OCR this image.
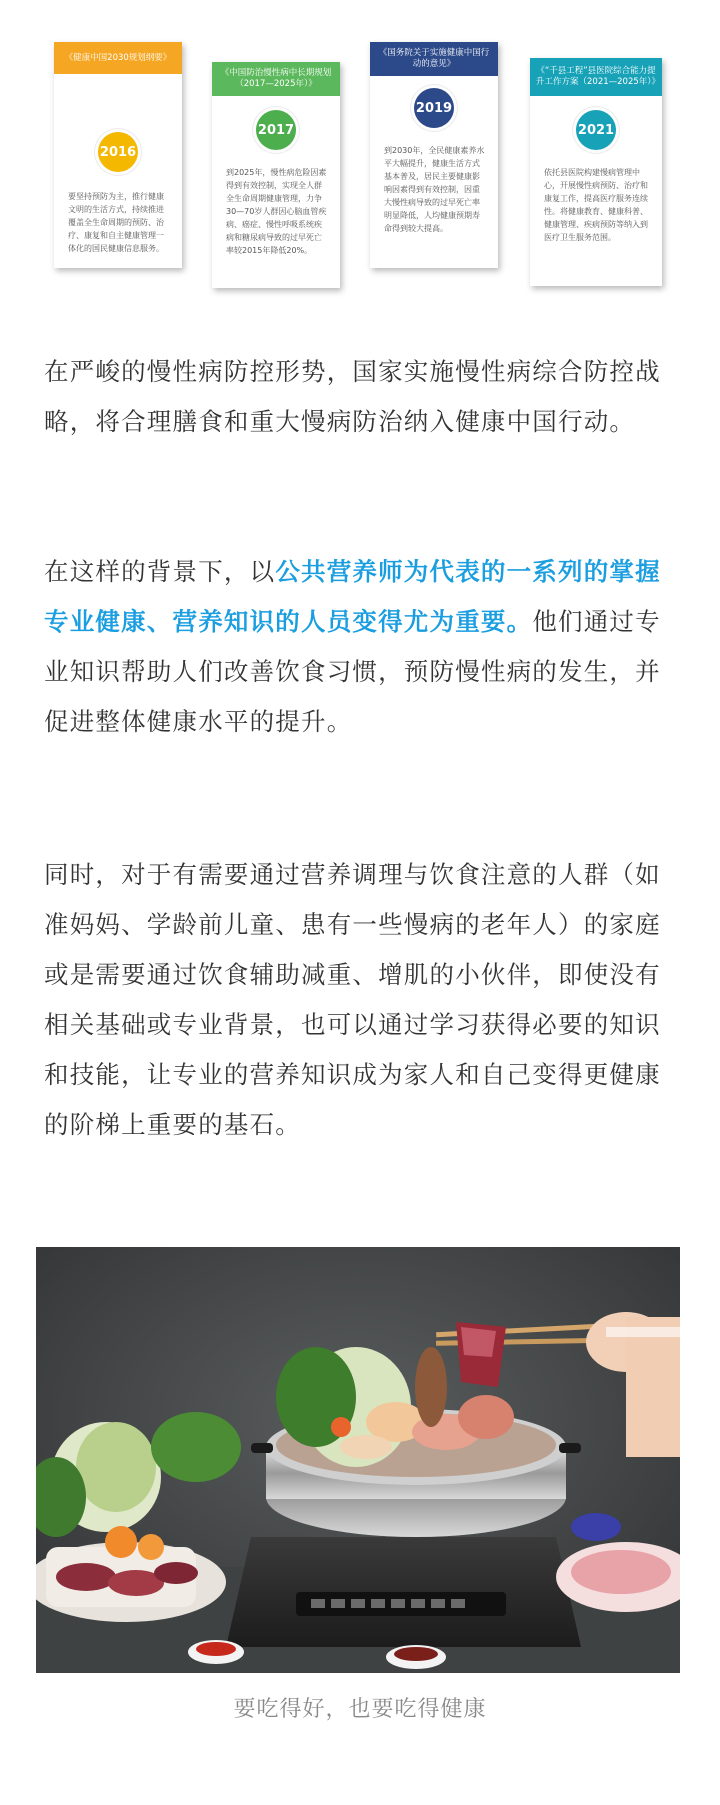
《健康中国2030规划纲要》
2016
要坚持预防为主，推行健康文明的生活方式，持续推进覆盖全生命周期的预防、治疗、康复和自主健康管理一体化的国民健康信息服务。
《中国防治慢性病中长期规划（2017—2025年）》
2017
到2025年，慢性病危险因素得到有效控制，实现全人群全生命周期健康管理，力争30—70岁人群因心脑血管疾病、癌症、慢性呼吸系统疾病和糖尿病导致的过早死亡率较2015年降低20%。
《国务院关于实施健康中国行动的意见》
2019
到2030年，全民健康素养水平大幅提升，健康生活方式基本普及，居民主要健康影响因素得到有效控制，因重大慢性病导致的过早死亡率明显降低，人均健康预期寿命得到较大提高。
《“千县工程”县医院综合能力提升工作方案（2021—2025年）》
2021
依托县医院构建慢病管理中心，开展慢性病预防、治疗和康复工作，提高医疗服务连续性。将健康教育、健康科普、健康管理、疾病预防等纳入到医疗卫生服务范围。

在严峻的慢性病防控形势，国家实施慢性病综合防控战略，将合理膳食和重大慢病防治纳入健康中国行动。

在这样的背景下，以公共营养师为代表的一系列的掌握专业健康、营养知识的人员变得尤为重要。他们通过专业知识帮助人们改善饮食习惯，预防慢性病的发生，并促进整体健康水平的提升。

同时，对于有需要通过营养调理与饮食注意的人群（如准妈妈、学龄前儿童、患有一些慢病的老年人）的家庭或是需要通过饮食辅助减重、增肌的小伙伴，即使没有相关基础或专业背景，也可以通过学习获得必要的知识和技能，让专业的营养知识成为家人和自己变得更健康的阶梯上重要的基石。

要吃得好，也要吃得健康
